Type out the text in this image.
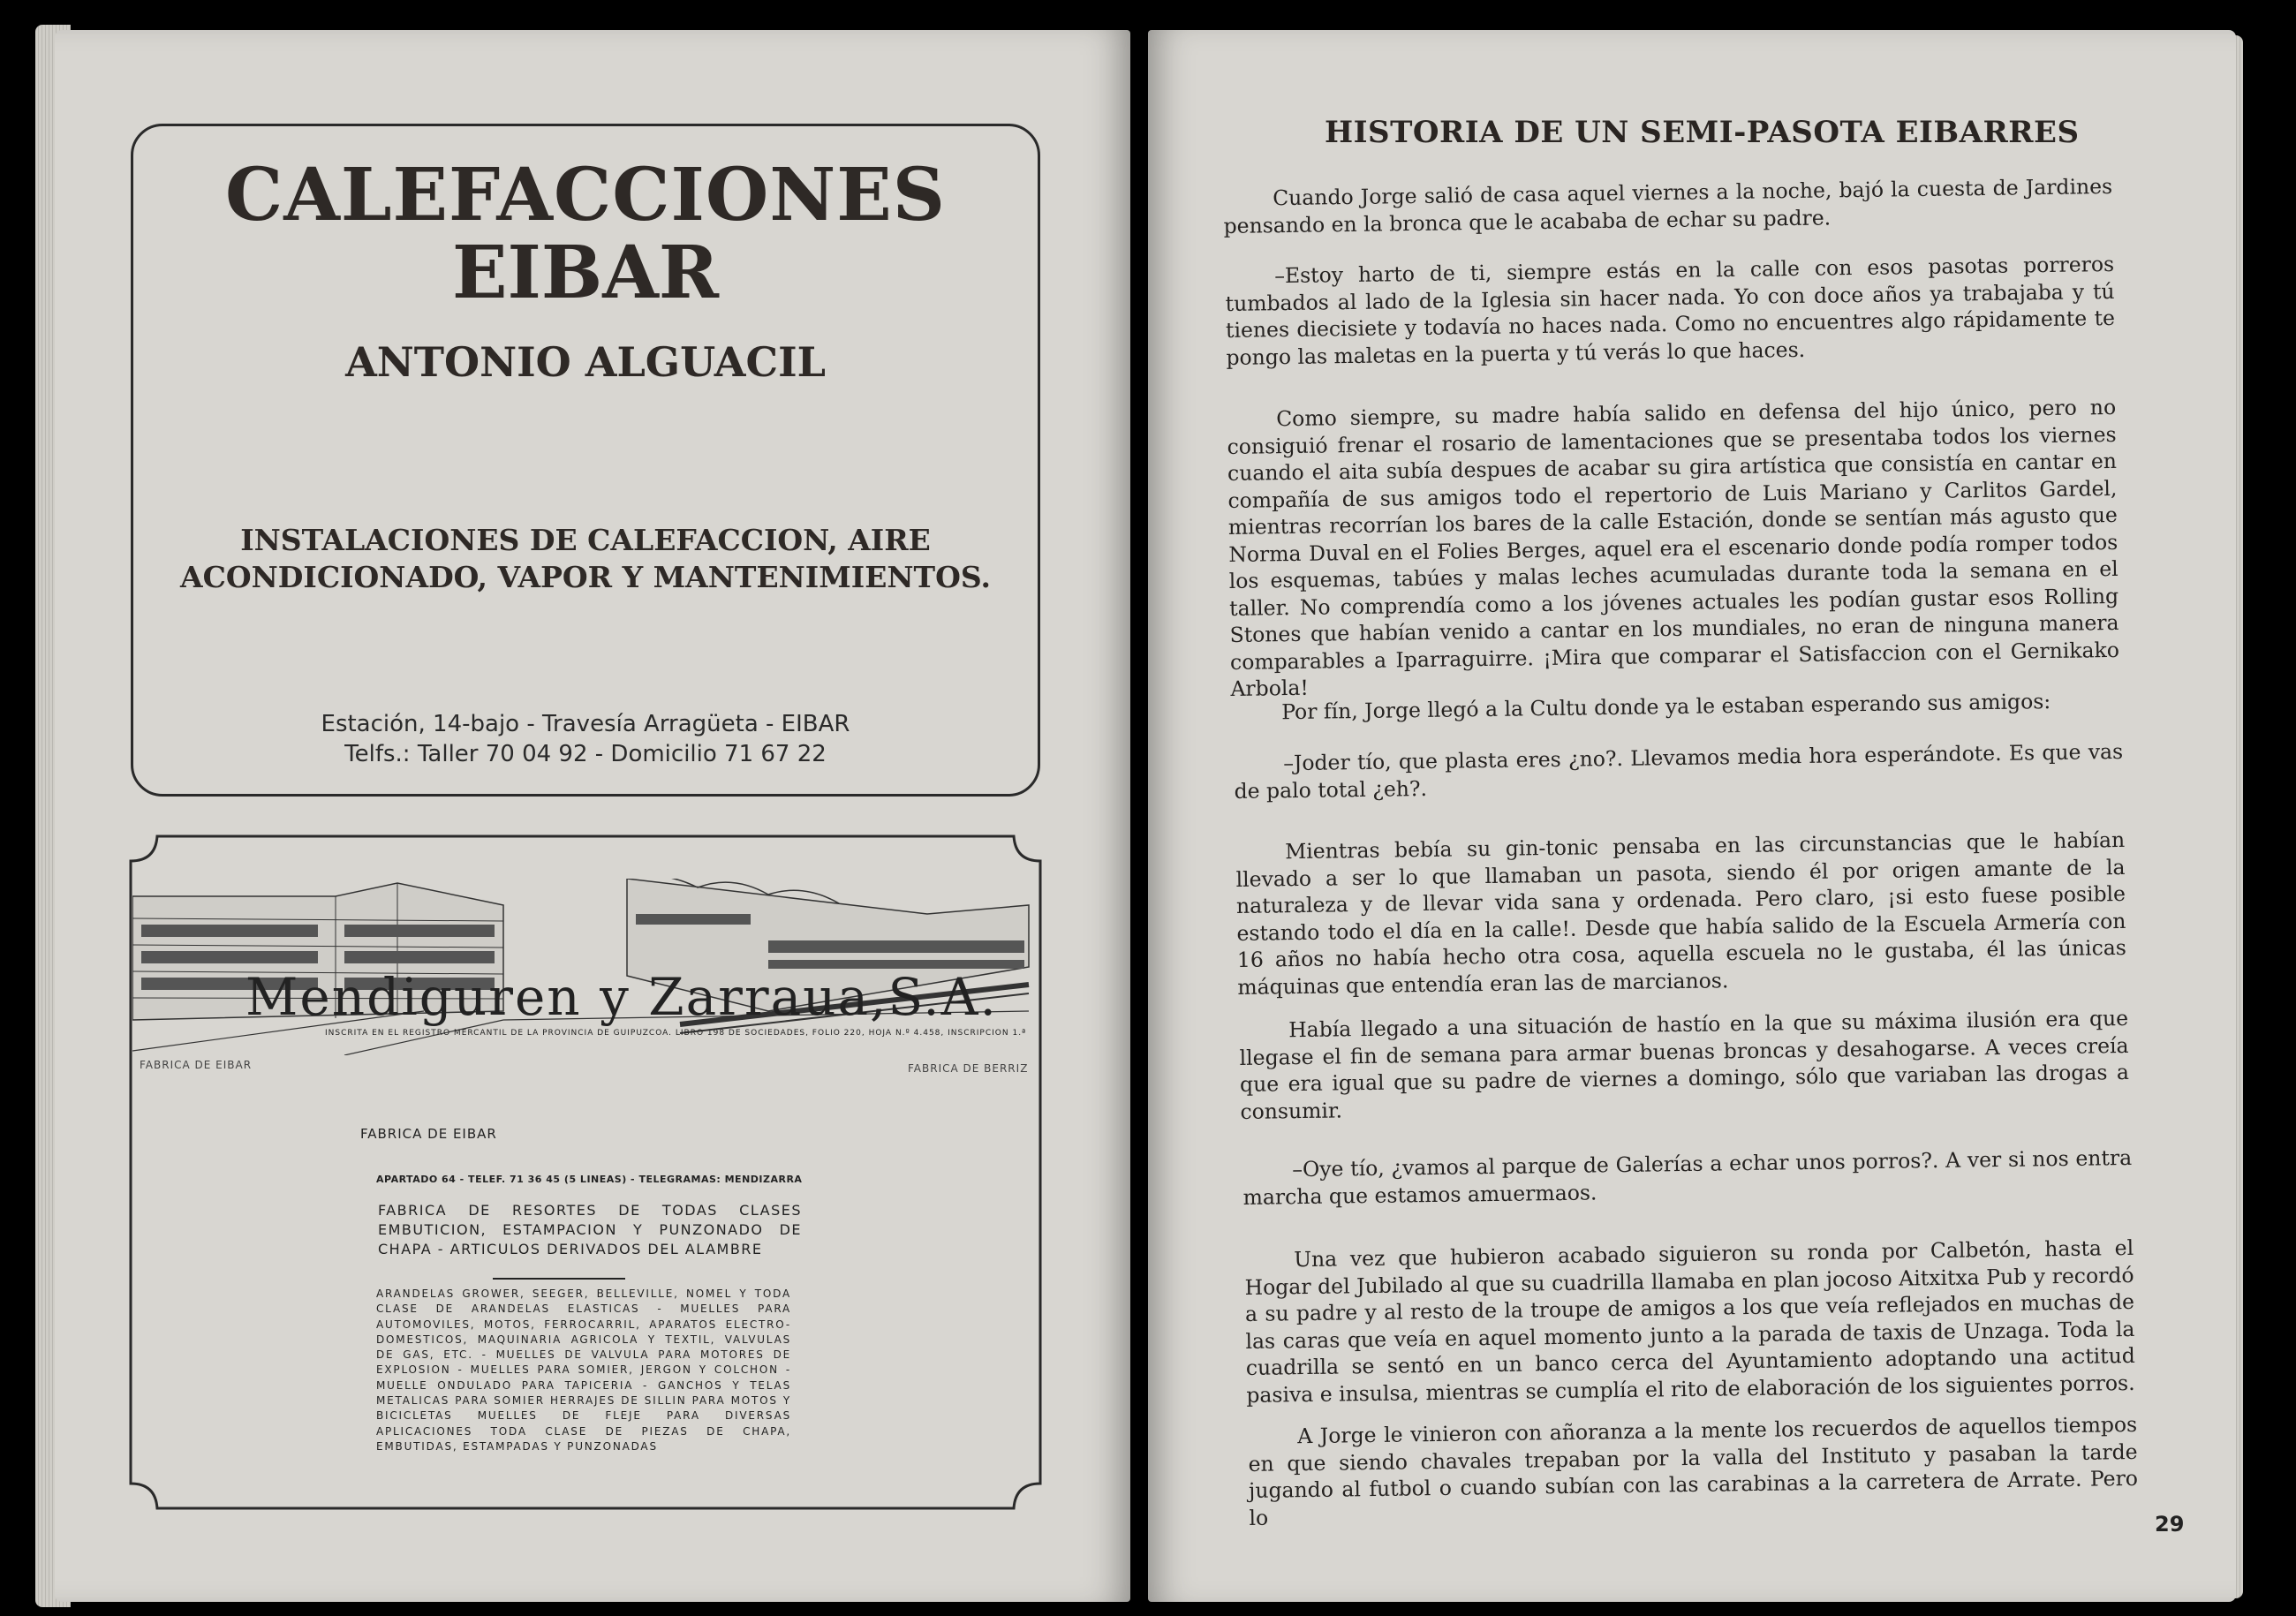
CALEFACCIONES
EIBAR
ANTONIO ALGUACIL
INSTALACIONES DE CALEFACCION, AIRE
ACONDICIONADO, VAPOR Y MANTENIMIENTOS.
Estación, 14-bajo - Travesía Arragüeta - EIBAR
Telfs.: Taller 70 04 92 - Domicilio 71 67 22
Mendiguren y Zarraua,S.A.
INSCRITA EN EL REGISTRO MERCANTIL DE LA PROVINCIA DE GUIPUZCOA. LIBRO 198 DE SOCIEDADES, FOLIO 220, HOJA N.º 4.458, INSCRIPCION 1.ª
FABRICA DE EIBAR	FABRICA DE BERRIZ
FABRICA DE EIBAR
APARTADO 64 - TELEF. 71 36 45 (5 LINEAS) - TELEGRAMAS: MENDIZARRA
FABRICA DE RESORTES DE TODAS CLASES EMBUTICION, ESTAMPACION Y PUNZONADO DE CHAPA - ARTICULOS DERIVADOS DEL ALAMBRE
ARANDELAS GROWER, SEEGER, BELLEVILLE, NOMEL Y TODA CLASE DE ARANDELAS ELASTICAS - MUELLES PARA AUTOMOVILES, MOTOS, FERROCARRIL, APARATOS ELECTRO-DOMESTICOS, MAQUINARIA AGRICOLA Y TEXTIL, VALVULAS DE GAS, ETC. - MUELLES DE VALVULA PARA MOTORES DE EXPLOSION - MUELLES PARA SOMIER, JERGON Y COLCHON - MUELLE ONDULADO PARA TAPICERIA - GANCHOS Y TELAS METALICAS PARA SOMIER HERRAJES DE SILLIN PARA MOTOS Y BICICLETAS MUELLES DE FLEJE PARA DIVERSAS APLICACIONES TODA CLASE DE PIEZAS DE CHAPA, EMBUTIDAS, ESTAMPADAS Y PUNZONADAS
HISTORIA DE UN SEMI-PASOTA EIBARRES
Cuando Jorge salió de casa aquel viernes a la noche, bajó la cuesta de Jardines pensando en la bronca que le acababa de echar su padre.
–Estoy harto de ti, siempre estás en la calle con esos pasotas porreros tumbados al lado de la Iglesia sin hacer nada. Yo con doce años ya trabajaba y tú tienes diecisiete y todavía no haces nada. Como no encuentres algo rápidamente te pongo las maletas en la puerta y tú verás lo que haces.
Como siempre, su madre había salido en defensa del hijo único, pero no consiguió frenar el rosario de lamentaciones que se presentaba todos los viernes cuando el aita subía despues de acabar su gira artística que consistía en cantar en compañía de sus amigos todo el repertorio de Luis Mariano y Carlitos Gardel, mientras recorrían los bares de la calle Estación, donde se sentían más agusto que Norma Duval en el Folies Berges, aquel era el escenario donde podía romper todos los esquemas, tabúes y malas leches acumuladas durante toda la semana en el taller. No comprendía como a los jóvenes actuales les podían gustar esos Rolling Stones que habían venido a cantar en los mundiales, no eran de ninguna manera comparables a Iparraguirre. ¡Mira que comparar el Satisfaccion con el Gernikako Arbola!
Por fín, Jorge llegó a la Cultu donde ya le estaban esperando sus amigos:
–Joder tío, que plasta eres ¿no?. Llevamos media hora esperándote. Es que vas de palo total ¿eh?.
Mientras bebía su gin-tonic pensaba en las circunstancias que le habían llevado a ser lo que llamaban un pasota, siendo él por origen amante de la naturaleza y de llevar vida sana y ordenada. Pero claro, ¡si esto fuese posible estando todo el día en la calle!. Desde que había salido de la Escuela Armería con 16 años no había hecho otra cosa, aquella escuela no le gustaba, él las únicas máquinas que entendía eran las de marcianos.
Había llegado a una situación de hastío en la que su máxima ilusión era que llegase el fin de semana para armar buenas broncas y desahogarse. A veces creía que era igual que su padre de viernes a domingo, sólo que variaban las drogas a consumir.
–Oye tío, ¿vamos al parque de Galerías a echar unos porros?. A ver si nos entra marcha que estamos amuermaos.
Una vez que hubieron acabado siguieron su ronda por Calbetón, hasta el Hogar del Jubilado al que su cuadrilla llamaba en plan jocoso Aitxitxa Pub y recordó a su padre y al resto de la troupe de amigos a los que veía reflejados en muchas de las caras que veía en aquel momento junto a la parada de taxis de Unzaga. Toda la cuadrilla se sentó en un banco cerca del Ayuntamiento adoptando una actitud pasiva e insulsa, mientras se cumplía el rito de elaboración de los siguientes porros.
A Jorge le vinieron con añoranza a la mente los recuerdos de aquellos tiempos en que siendo chavales trepaban por la valla del Instituto y pasaban la tarde jugando al futbol o cuando subían con las carabinas a la carretera de Arrate. Pero lo	29
